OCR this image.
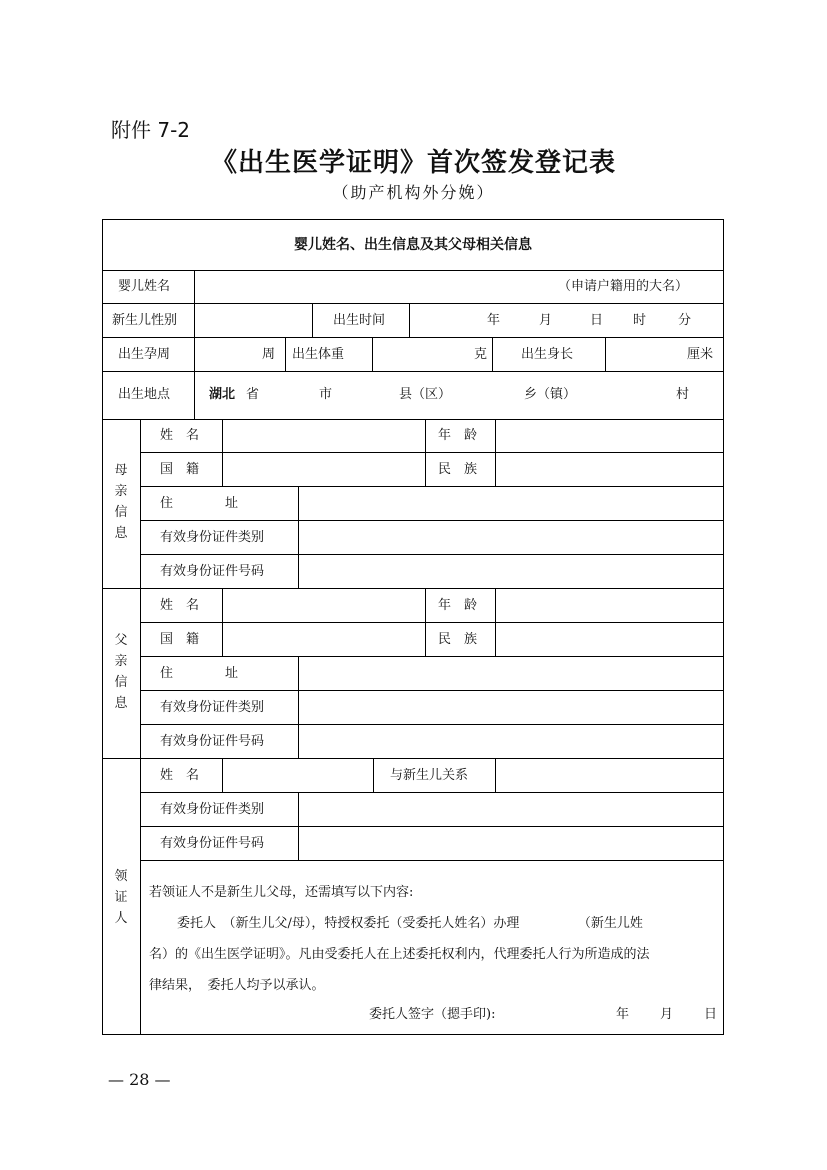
附件 7-2
《出生医学证明》首次签发登记表
（助产机构外分娩）
婴儿姓名、出生信息及其父母相关信息
婴儿姓名	（申请户籍用的大名）
新生儿性别	出生时间	年	月	日 时 分
出生孕周	周 出生体重	克	出生身长	厘米
出生地点	湖北 省	市	县（区）	乡（镇）	村
母亲信息
姓　名	年　龄
国　籍	民　族
住　　　　址
有效身份证件类别
有效身份证件号码
父亲信息
姓　名	年　龄
国　籍	民　族
住　　　　址
有效身份证件类别
有效身份证件号码
领证人
姓　名	与新生儿关系
有效身份证件类别
有效身份证件号码
若领证人不是新生儿父母，还需填写以下内容:
委托人　（新生儿父/母），特授权委托（受委托人姓名）办理　　　　　（新生儿姓
名）的《出生医学证明》。凡由受委托人在上述委托权利内，代理委托人行为所造成的法
律结果，　委托人均予以承认。
委托人签字（摁手印):	年 月 日
— 28 —
